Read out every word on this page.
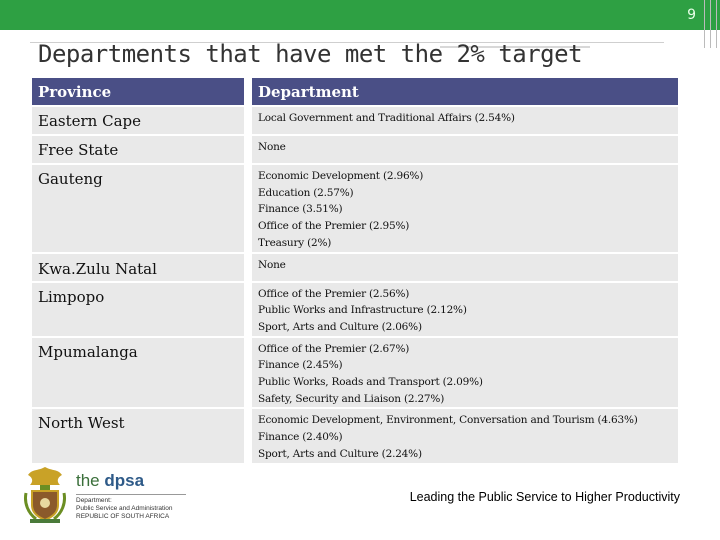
9
Departments that have met the 2% target
Province	Department
Eastern Cape	Local Government and Traditional Affairs (2.54%)

Free State	None

Gauteng	Economic Development (2.96%)
Education (2.57%)
Finance (3.51%)
Office of the Premier (2.95%)
Treasury (2%)

Kwa.Zulu Natal	None

Limpopo	Office of the Premier (2.56%)
Public Works and Infrastructure (2.12%)
Sport, Arts and Culture (2.06%)

Mpumalanga	Office of the Premier (2.67%)
Finance (2.45%)
Public Works, Roads and Transport (2.09%)
Safety, Security and Liaison (2.27%)

North West	Economic Development, Environment, Conversation and Tourism (4.63%)
Finance (2.40%)
Sport, Arts and Culture (2.24%)
the dpsa
Department:
Public Service and Administration
REPUBLIC OF SOUTH AFRICA
Leading the Public Service to Higher Productivity
